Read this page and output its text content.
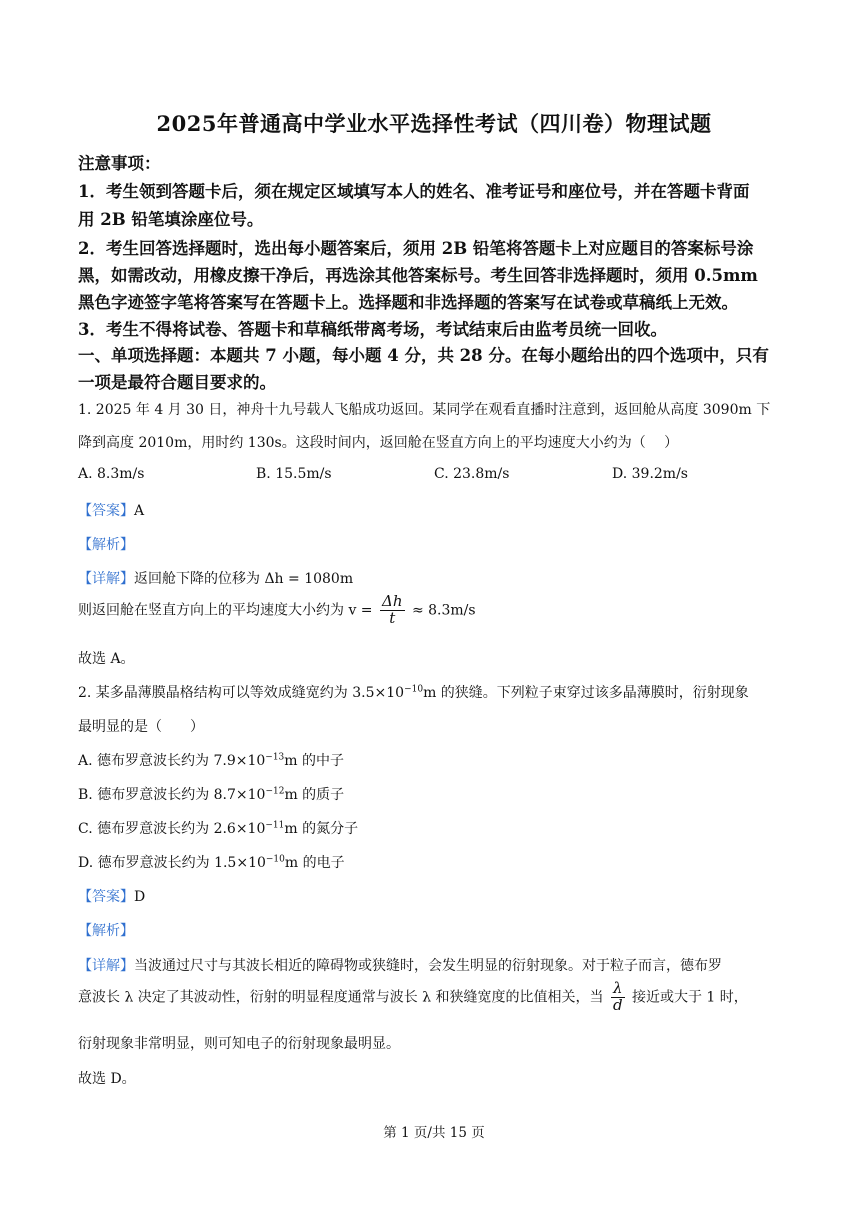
2025年普通高中学业水平选择性考试（四川卷）物理试题
注意事项：
1．考生领到答题卡后，须在规定区域填写本人的姓名、准考证号和座位号，并在答题卡背面
用 2B 铅笔填涂座位号。
2．考生回答选择题时，选出每小题答案后，须用 2B 铅笔将答题卡上对应题目的答案标号涂
黑，如需改动，用橡皮擦干净后，再选涂其他答案标号。考生回答非选择题时，须用 0.5mm
黑色字迹签字笔将答案写在答题卡上。选择题和非选择题的答案写在试卷或草稿纸上无效。
3．考生不得将试卷、答题卡和草稿纸带离考场，考试结束后由监考员统一回收。
一、单项选择题：本题共 7 小题，每小题 4 分，共 28 分。在每小题给出的四个选项中，只有
一项是最符合题目要求的。
1. 2025 年 4 月 30 日，神舟十九号载人飞船成功返回。某同学在观看直播时注意到，返回舱从高度 3090m 下
降到高度 2010m，用时约 130s。这段时间内，返回舱在竖直方向上的平均速度大小约为（　 ）
A. 8.3m/s	B. 15.5m/s	C. 23.8m/s	D. 39.2m/s
【答案】A
【解析】
【详解】返回舱下降的位移为 Δh = 1080m
则返回舱在竖直方向上的平均速度大小约为 $v = \frac{\Delta h}{t} \approx 8.3m/s$
故选 A。
2. 某多晶薄膜晶格结构可以等效成缝宽约为 $3.5\times 10^{-10}m$ 的狭缝。下列粒子束穿过该多晶薄膜时，衍射现象
最明显的是（　　）
A. 德布罗意波长约为 $7.9\times 10^{-13}m$ 的中子
B. 德布罗意波长约为 $8.7\times 10^{-12}m$ 的质子
C. 德布罗意波长约为 $2.6\times 10^{-11}m$ 的氮分子
D. 德布罗意波长约为 $1.5\times 10^{-10}m$ 的电子
【答案】D
【解析】
【详解】当波通过尺寸与其波长相近的障碍物或狭缝时，会发生明显的衍射现象。对于粒子而言，德布罗
意波长 λ 决定了其波动性，衍射的明显程度通常与波长 λ 和狭缝宽度的比值相关，当 $\frac{\lambda}{d}$ 接近或大于 1 时，
衍射现象非常明显，则可知电子的衍射现象最明显。
故选 D。
第 1 页/共 15 页
